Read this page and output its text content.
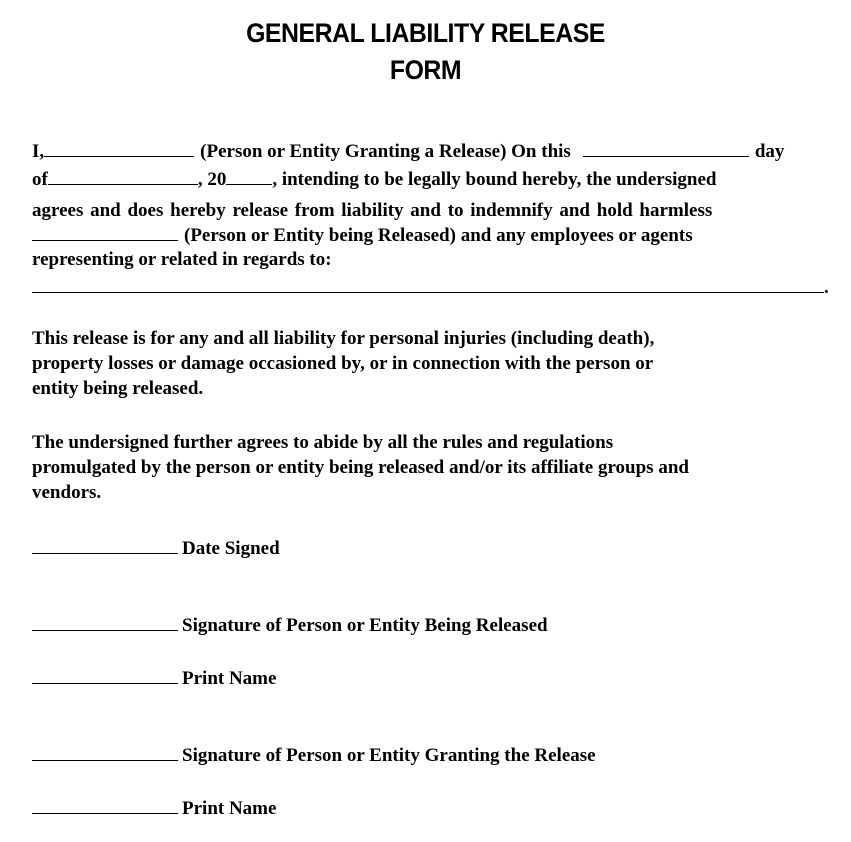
GENERAL LIABILITY RELEASE
FORM
I,	(Person or Entity Granting a Release) On this	day
of	, 20 , intending to be legally bound hereby, the undersigned
agrees and does hereby release from liability and to indemnify and hold harmless
(Person or Entity being Released) and any employees or agents
representing or related in regards to:
.
This release is for any and all liability for personal injuries (including death),
property losses or damage occasioned by, or in connection with the person or
entity being released.
The undersigned further agrees to abide by all the rules and regulations
promulgated by the person or entity being released and/or its affiliate groups and
vendors.
Date Signed
Signature of Person or Entity Being Released
Print Name
Signature of Person or Entity Granting the Release
Print Name
